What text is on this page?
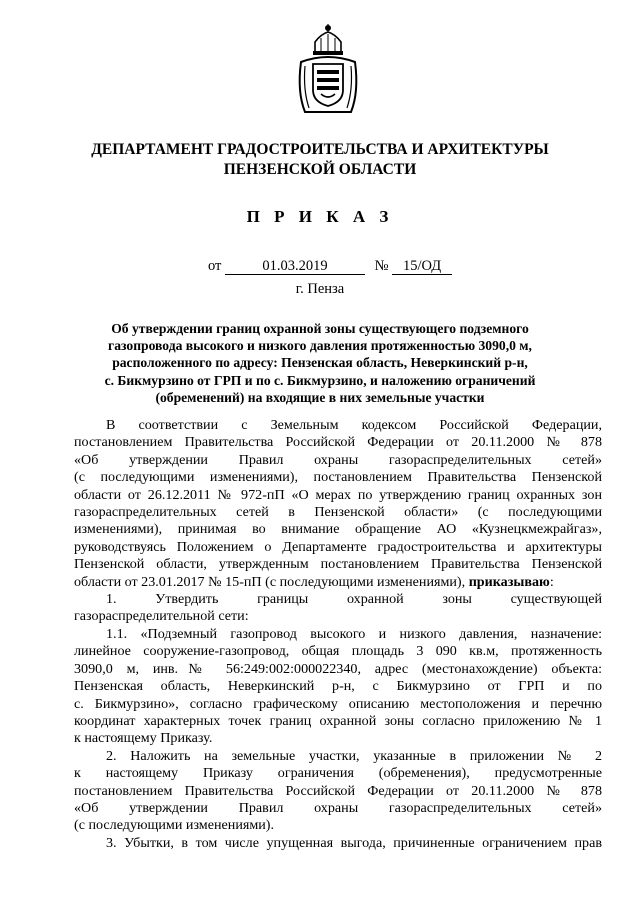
ДЕПАРТАМЕНТ ГРАДОСТРОИТЕЛЬСТВА И АРХИТЕКТУРЫ
ПЕНЗЕНСКОЙ ОБЛАСТИ
П Р И К А З
от	01.03.2019	№ 15/ОД
г. Пенза
Об утверждении границ охранной зоны существующего подземного
газопровода высокого и низкого давления протяженностью 3090,0 м,
расположенного по адресу: Пензенская область, Неверкинский р-н,
с. Бикмурзино от ГРП и по с. Бикмурзино, и наложению ограничений
(обременений) на входящие в них земельные участки

В соответствии с Земельным кодексом Российской Федерации,
постановлением Правительства Российской Федерации от 20.11.2000 № 878
«Об утверждении Правил охраны газораспределительных сетей»
(с последующими изменениями), постановлением Правительства Пензенской
области от 26.12.2011 № 972-пП «О мерах по утверждению границ охранных зон
газораспределительных сетей в Пензенской области» (с последующими
изменениями), принимая во внимание обращение АО «Кузнецкмежрайгаз»,
руководствуясь Положением о Департаменте градостроительства и архитектуры
Пензенской области, утвержденным постановлением Правительства Пензенской
области от 23.01.2017 № 15-пП (с последующими изменениями), приказываю:

1. Утвердить границы охранной зоны существующей
газораспределительной сети:

1.1. «Подземный газопровод высокого и низкого давления, назначение:
линейное сооружение-газопровод, общая площадь 3 090 кв.м, протяженность
3090,0 м, инв.№ 56:249:002:000022340, адрес (местонахождение) объекта:
Пензенская область, Неверкинский р-н, с Бикмурзино от ГРП и по
с. Бикмурзино», согласно графическому описанию местоположения и перечню
координат характерных точек границ охранной зоны согласно приложению № 1
к настоящему Приказу.

2. Наложить на земельные участки, указанные в приложении № 2
к настоящему Приказу ограничения (обременения), предусмотренные
постановлением Правительства Российской Федерации от 20.11.2000 № 878
«Об утверждении Правил охраны газораспределительных сетей»
(с последующими изменениями).

3. Убытки, в том числе упущенная выгода, причиненные ограничением прав
